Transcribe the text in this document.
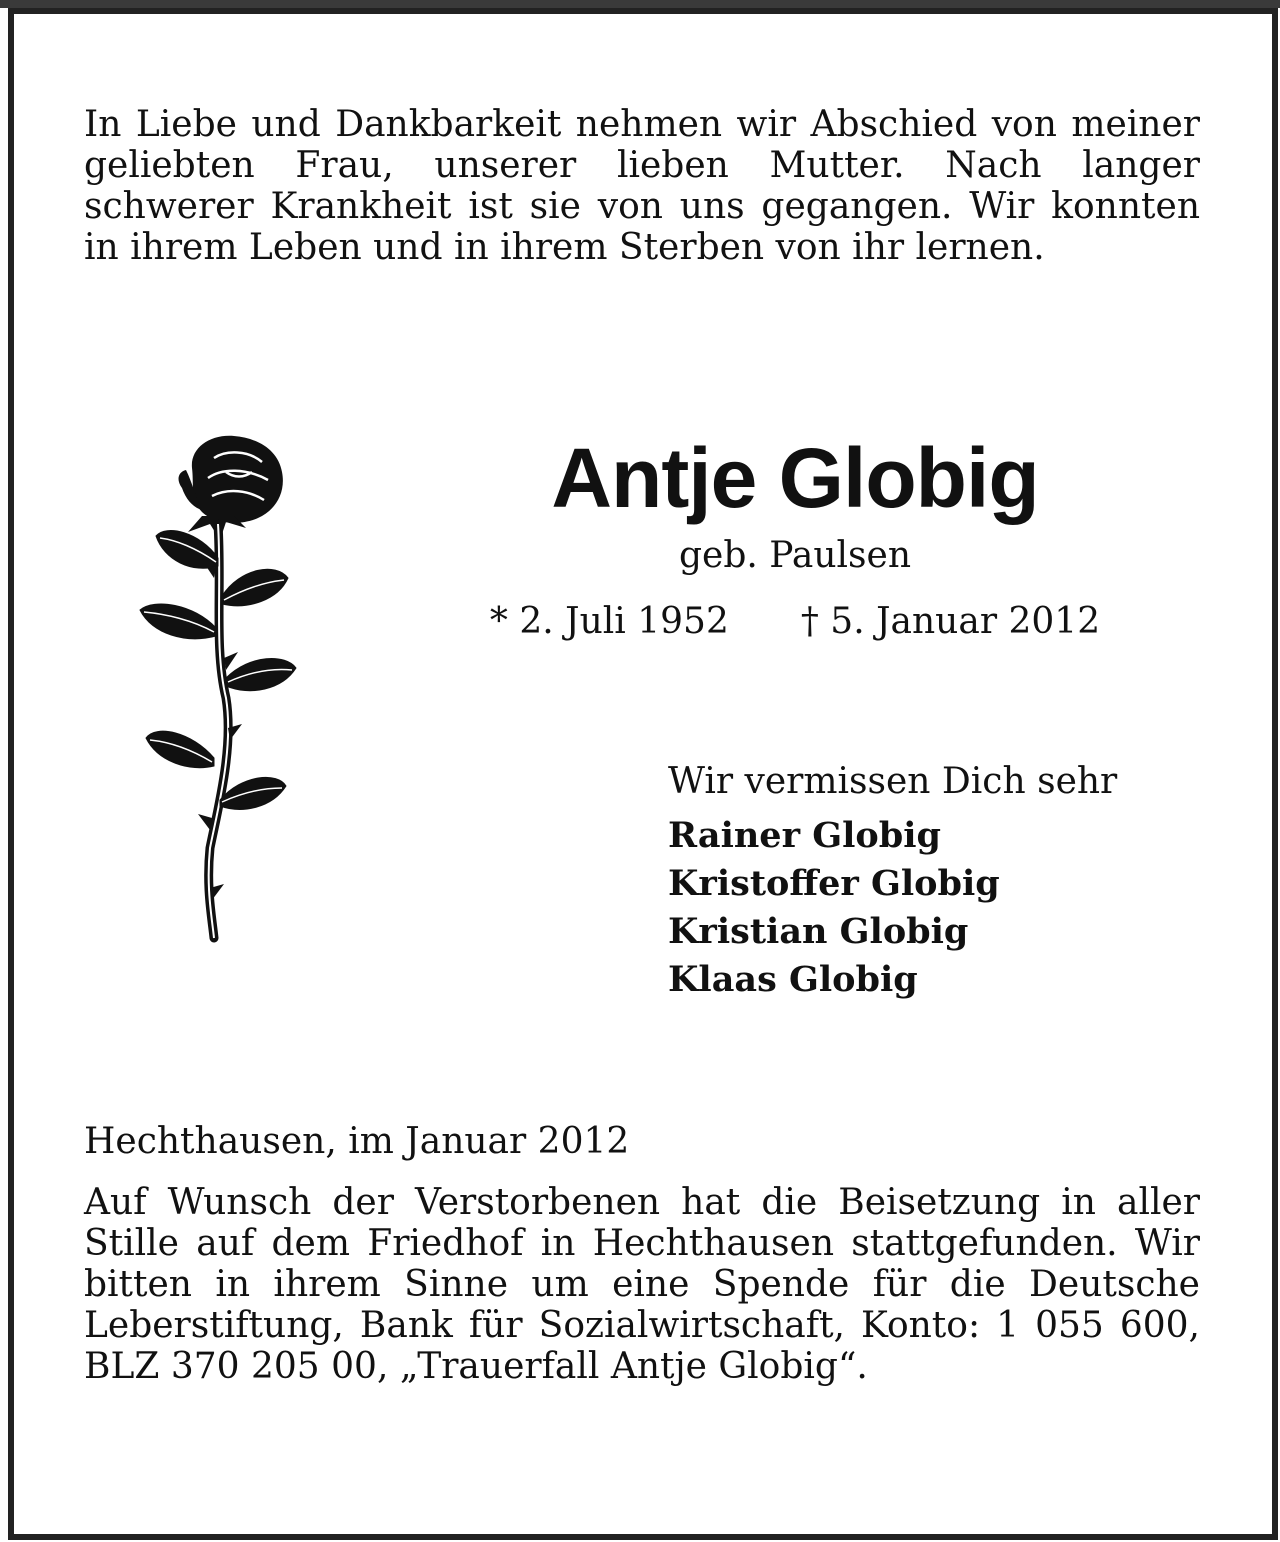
In Liebe und Dankbarkeit nehmen wir Abschied von meiner geliebten Frau, unserer lieben Mutter. Nach langer schwerer Krankheit ist sie von uns gegangen. Wir konnten in ihrem Leben und in ihrem Sterben von ihr lernen.

Antje Globig
geb. Paulsen
* 2. Juli 1952 † 5. Januar 2012
Wir vermissen Dich sehr
Rainer Globig
Kristoffer Globig
Kristian Globig
Klaas Globig
Hechthausen, im Januar 2012

Auf Wunsch der Verstorbenen hat die Beisetzung in aller Stille auf dem Friedhof in Hechthausen stattgefunden. Wir bitten in ihrem Sinne um eine Spende für die Deutsche Leberstiftung, Bank für Sozialwirtschaft, Konto: 1 055 600, BLZ 370 205 00, „Trauerfall Antje Globig“.
